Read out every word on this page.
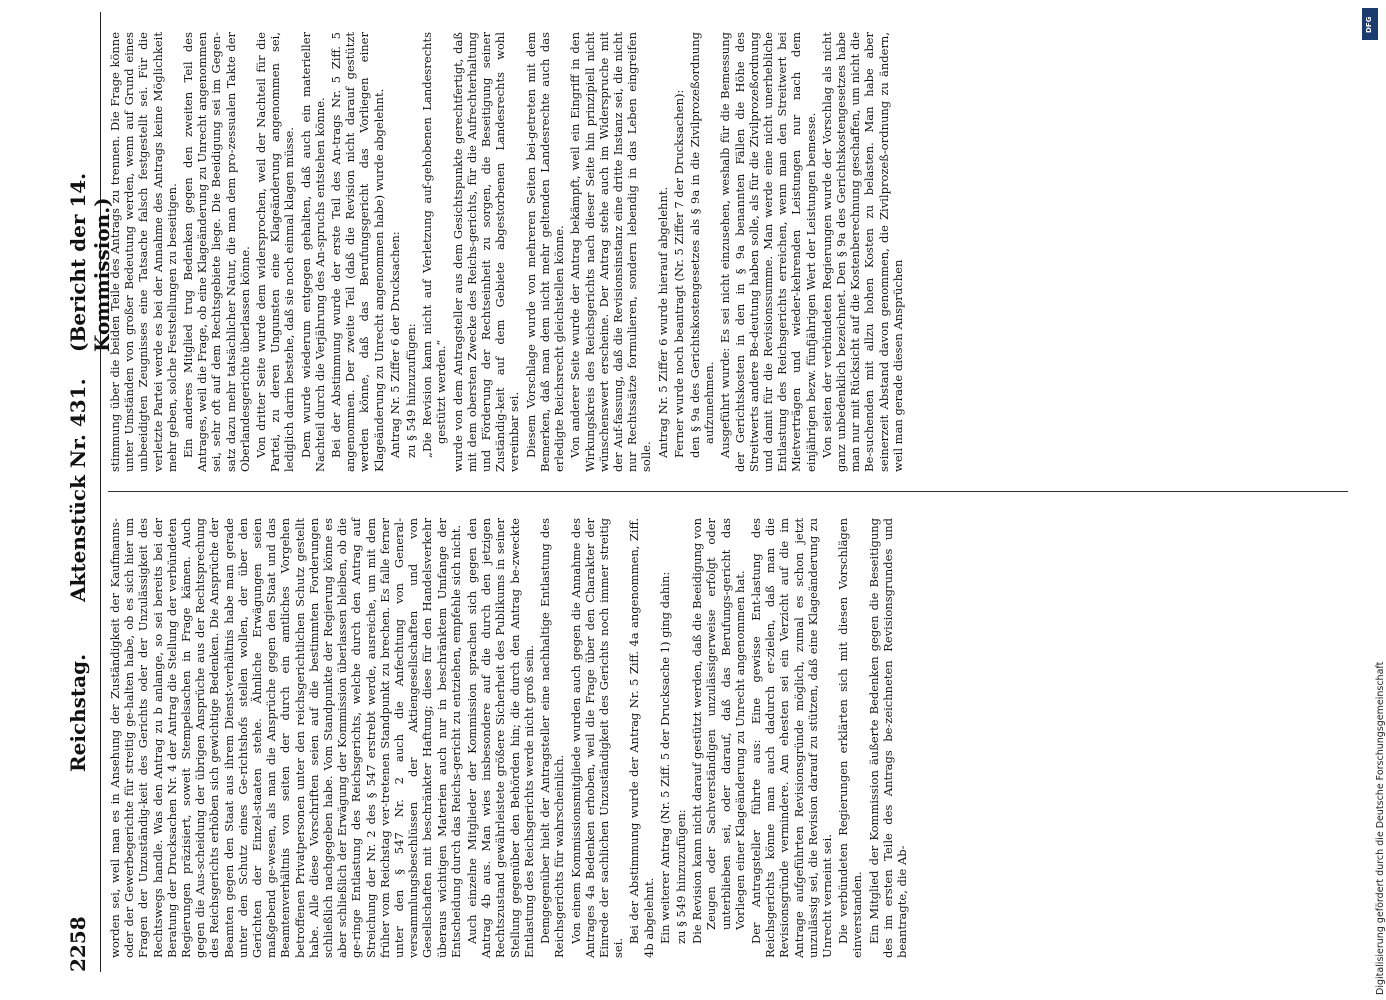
2258
Reichstag.
Aktenstück Nr. 431.
(Bericht der 14. Kommission.)

worden sei, weil man es in Ansehung der Zuständigkeit der Kaufmanns- oder der Gewerbegerichte für streitig ge-halten habe, ob es sich hier um Fragen der Unzuständig-keit des Gerichts oder der Unzulässigkeit des Rechtswegs handle. Was den Antrag zu b anlange, so sei bereits bei der Beratung der Drucksachen Nr. 4 der Antrag die Stellung der verbündeten Regierungen präzisiert, soweit Stempelsachen in Frage kämen. Auch gegen die Aus-scheidung der übrigen Ansprüche aus der Rechtsprechung des Reichsgerichts erhöben sich gewichtige Bedenken. Die Ansprüche der Beamten gegen den Staat aus ihrem Dienst-verhältnis habe man gerade unter den Schutz eines Ge-richtshofs stellen wollen, der über den Gerichten der Einzel-staaten stehe. Ähnliche Erwägungen seien maßgebend ge-wesen, als man die Ansprüche gegen den Staat und das Beamtenverhältnis von seiten der durch ein amtliches Vorgehen betroffenen Privatpersonen unter den reichsgerichtlichen Schutz gestellt habe. Alle diese Vorschriften seien auf die bestimmten Forderungen schließlich nachgegeben habe. Vom Standpunkte der Regierung könne es aber schließlich der Erwägung der Kommission überlassen bleiben, ob die ge-ringe Entlastung des Reichsgerichts, welche durch den Antrag auf Streichung der Nr. 2 des § 547 erstrebt werde, ausreiche, um mit dem früher vom Reichstag ver-tretenen Standpunkt zu brechen. Es falle ferner unter den § 547 Nr. 2 auch die Anfechtung von General-versammlungsbeschlüssen der Aktiengesellschaften und von Gesellschaften mit beschränkter Haftung; diese für den Handelsverkehr überaus wichtigen Materien auch nur in beschränktem Umfange der Entscheidung durch das Reichs-gericht zu entziehen, empfehle sich nicht. Auch einzelne Mitglieder der Kommission sprachen sich gegen den Antrag 4b aus. Man wies insbesondere auf die durch den jetzigen Rechtszustand gewährleistete größere Sicherheit des Publikums in seiner Stellung gegenüber den Behörden hin; die durch den Antrag be-zweckte Entlastung des Reichsgerichts werde nicht groß sein. Demgegenüber hielt der Antragsteller eine nachhaltige Entlastung des Reichsgerichts für wahrscheinlich. Von einem Kommissionsmitgliede wurden auch gegen die Annahme des Antrages 4a Bedenken erhoben, weil die Frage über den Charakter der Einrede der sachlichen Unzuständigkeit des Gerichts noch immer streitig sei.

Bei der Abstimmung wurde der Antrag Nr. 5 Ziff. 4a angenommen, Ziff. 4b abgelehnt. Ein weiterer Antrag (Nr. 5 Ziff. 5 der Drucksache 1) ging dahin: zu § 549 hinzuzufügen: Die Revision kann nicht darauf gestützt werden, daß die Beeidigung von Zeugen oder Sachverständigen unzulässigerweise erfolgt oder unterblieben sei, oder darauf, daß das Berufungs-gericht das Vorliegen einer Klageänderung zu Unrecht angenommen hat. Der Antragsteller führte aus: Eine gewisse Ent-lastung des Reichsgerichts könne man auch dadurch er-zielen, daß man die Revisionsgründe vermindere. Am ehesten sei ein Verzicht auf die im Antrage aufgeführten Revisionsgründe möglich, zumal es schon jetzt unzulässig sei, die Revision darauf zu stützen, daß eine Klageänderung zu Unrecht verneint sei. Die verbündeten Regierungen erklärten sich mit diesen Vorschlägen einverstanden. Ein Mitglied der Kommission äußerte Bedenken gegen die Beseitigung des im ersten Teile des Antrags be-zeichneten Revisionsgrundes und beantragte, die Ab-

stimmung über die beiden Teile des Antrags zu trennen. Die Frage könne unter Umständen von großer Bedeutung werden, wenn auf Grund eines unbeeidigten Zeugnisses eine Tatsache falsch festgestellt sei. Für die verletzte Partei werde es bei der Annahme des Antrags keine Möglichkeit mehr geben, solche Feststellungen zu beseitigen. Ein anderes Mitglied trug Bedenken gegen den zweiten Teil des Antrages, weil die Frage, ob eine Klageänderung zu Unrecht angenommen sei, sehr oft auf dem Rechtsgebiete liege. Die Beeidigung sei im Gegen-satz dazu mehr tatsächlicher Natur, die man dem pro-zessualen Takte der Oberlandesgerichte überlassen könne. Von dritter Seite wurde dem widersprochen, weil der Nachteil für die Partei, zu deren Ungunsten eine Klageänderung angenommen sei, lediglich darin bestehe, daß sie noch einmal klagen müsse. Dem wurde wiederum entgegen gehalten, daß auch ein materieller Nachteil durch die Verjährung des An-spruchs entstehen könne. Bei der Abstimmung wurde der erste Teil des An-trags Nr. 5 Ziff. 5 angenommen. Der zweite Teil (daß die Revision nicht darauf gestützt werden könne, daß das Berufungsgericht das Vorliegen einer Klageänderung zu Unrecht angenommen habe) wurde abgelehnt. Antrag Nr. 5 Ziffer 6 der Drucksachen: zu § 549 hinzuzufügen: „Die Revision kann nicht auf Verletzung auf-gehobenen Landesrechts gestützt werden.“ wurde von dem Antragsteller aus dem Gesichtspunkte gerechtfertigt, daß mit dem obersten Zwecke des Reichs-gerichts, für die Aufrechterhaltung und Förderung der Rechtseinheit zu sorgen, die Beseitigung seiner Zuständig-keit auf dem Gebiete abgestorbenen Landesrechts wohl vereinbar sei. Diesem Vorschlage wurde von mehreren Seiten bei-getreten mit dem Bemerken, daß man dem nicht mehr geltenden Landesrechte auch das erledigte Reichsrecht gleichstellen könne. Von anderer Seite wurde der Antrag bekämpft, weil ein Eingriff in den Wirkungskreis des Reichsgerichts nach dieser Seite hin prinzipiell nicht wünschenswert erscheine. Der Antrag stehe auch im Widerspruche mit der Auf-fassung, daß die Revisionsinstanz eine dritte Instanz sei, die nicht nur Rechtssätze formulieren, sondern lebendig in das Leben eingreifen solle. Antrag Nr. 5 Ziffer 6 wurde hierauf abgelehnt. Ferner wurde noch beantragt (Nr. 5 Ziffer 7 der Drucksachen): den § 9a des Gerichtskostengesetzes als § 9a in die Zivilprozeßordnung aufzunehmen. Ausgeführt wurde: Es sei nicht einzusehen, weshalb für die Bemessung der Gerichtskosten in den in § 9a benannten Fällen die Höhe des Streitwerts andere Be-deutung haben solle, als für die Zivilprozeßordnung und damit für die Revisionssumme. Man werde eine nicht unerhebliche Entlastung des Reichsgerichts erreichen, wenn man den Streitwert bei Mietverträgen und wieder-kehrenden Leistungen nur nach dem einjährigen bezw. fünfjährigen Wert der Leistungen bemesse. Von seiten der verbündeten Regierungen wurde der Vorschlag als nicht ganz unbedenklich bezeichnet. Den § 9a des Gerichtskostengesetzes habe man nur mit Rücksicht auf die Kostenberechnung geschaffen, um nicht die Be-suchenden mit allzu hohen Kosten zu belasten. Man habe aber seinerzeit Abstand davon genommen, die Zivilprozeß-ordnung zu ändern, weil man gerade diesen Ansprüchen

DFG
Digitalisierung gefördert durch die Deutsche Forschungsgemeinschaft
